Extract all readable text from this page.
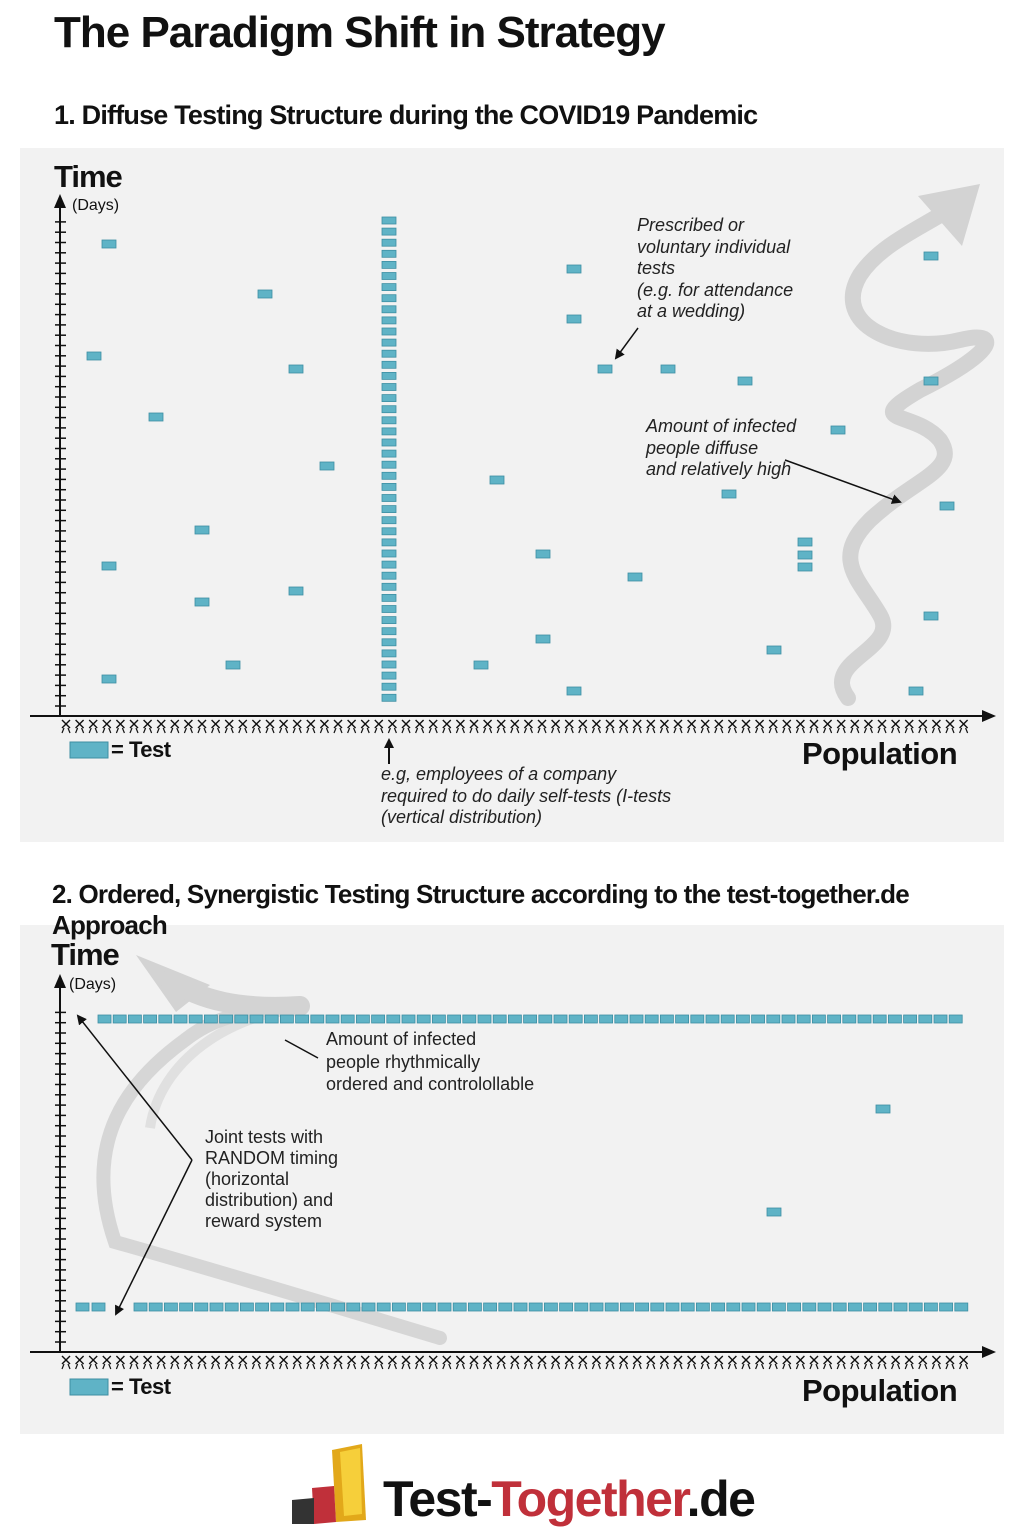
The Paradigm Shift in Strategy
1. Diffuse Testing Structure during the COVID19 Pandemic
Time
(Days)
Population
= Test
Prescribed or
voluntary individual
tests
(e.g. for attendance
at a wedding)
Amount of infected
people diffuse
and relatively high
e.g, employees of a company
required to do daily self-tests (I-tests
(vertical distribution)
2. Ordered, Synergistic Testing Structure according to the test-together.de Approach
Time
(Days)
Population
= Test
Amount of infected
people rhythmically
ordered and controlollable
Joint tests with
RANDOM timing
(horizontal
distribution) and
reward system
Test-Together.de
